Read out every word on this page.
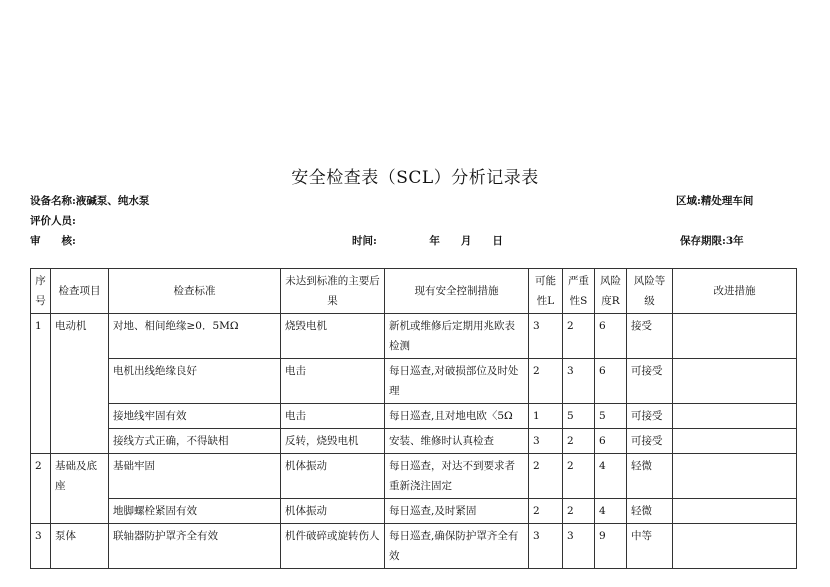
安全检查表（SCL）分析记录表
设备名称:液碱泵、纯水泵	区域:精处理车间
评价人员:
审　　核:	时间:　　　　　年　　月　　日	保存期限:3年
序号	检查项目	检查标准	未达到标准的主要后果	现有安全控制措施	可能性L	严重性S	风险度R	风险等级	改进措施
1	电动机	对地、相间绝缘≥0．5MΩ	烧毁电机	新机或维修后定期用兆欧表检测	3	2	6	接受	
		电机出线绝缘良好	电击	每日巡查,对破损部位及时处理	2	3	6	可接受	
		接地线牢固有效	电击	每日巡查,且对地电欧〈5Ω	1	5	5	可接受	
		接线方式正确，不得缺相	反转，烧毁电机	安装、维修时认真检查	3	2	6	可接受	
2	基础及底座	基础牢固	机体振动	每日巡查，对达不到要求者重新浇注固定	2	2	4	轻微	
		地脚螺栓紧固有效	机体振动	每日巡查,及时紧固	2	2	4	轻微	
3	泵体	联轴器防护罩齐全有效	机件破碎或旋转伤人	每日巡查,确保防护罩齐全有效	3	3	9	中等	
